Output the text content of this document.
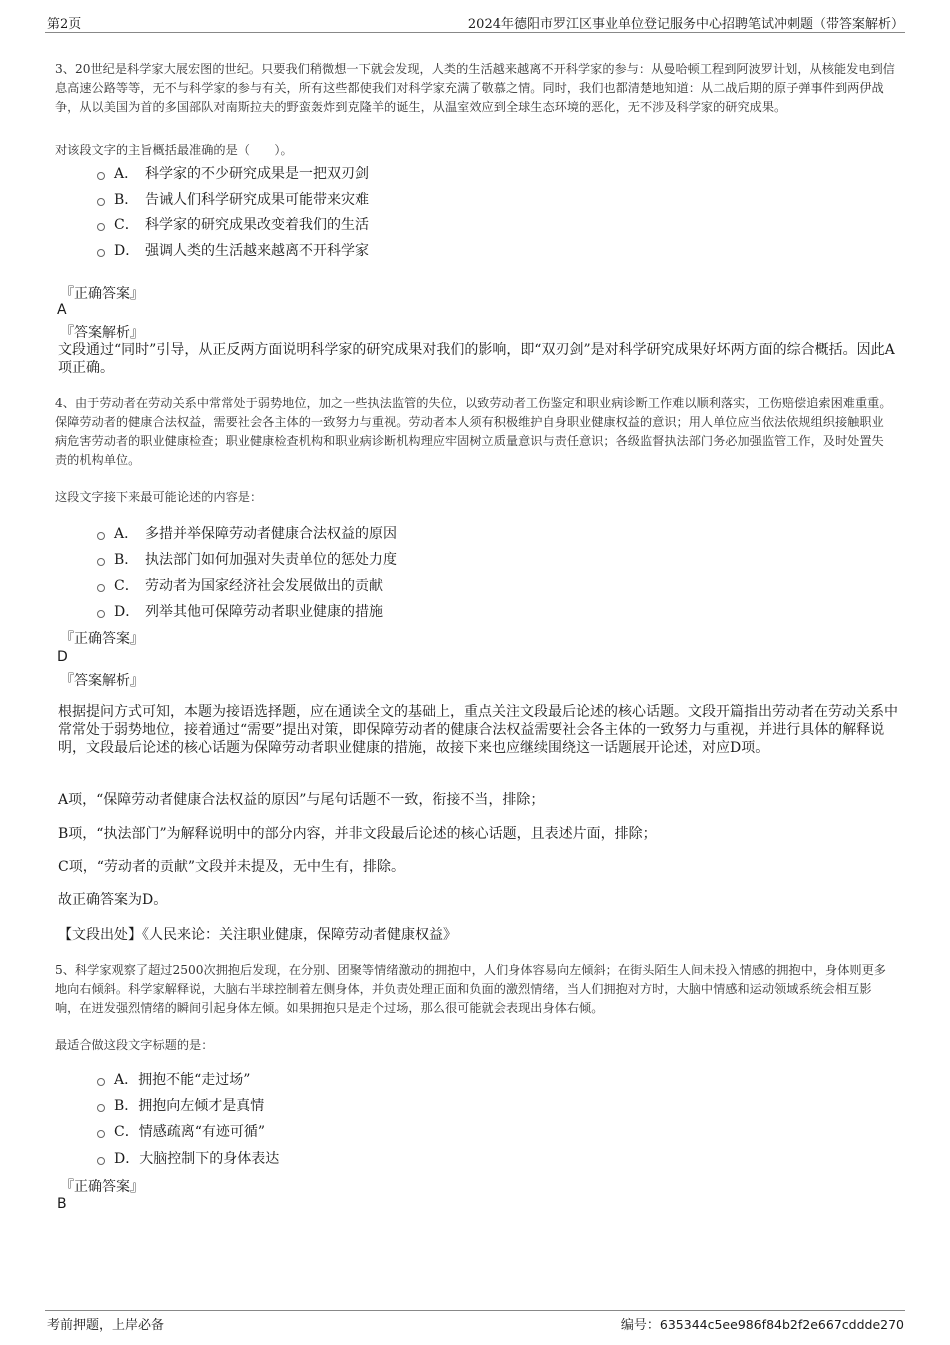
第2页	2024年德阳市罗江区事业单位登记服务中心招聘笔试冲刺题（带答案解析）

3、20世纪是科学家大展宏图的世纪。只要我们稍微想一下就会发现，人类的生活越来越离不开科学家的参与：从曼哈顿工程到阿波罗计划，从核能发电到信息高速公路等等，无不与科学家的参与有关，所有这些都使我们对科学家充满了敬慕之情。同时，我们也都清楚地知道：从二战后期的原子弹事件到两伊战争，从以美国为首的多国部队对南斯拉夫的野蛮轰炸到克隆羊的诞生，从温室效应到全球生态环境的恶化，无不涉及科学家的研究成果。

对该段文字的主旨概括最准确的是（　　）。
A． 科学家的不少研究成果是一把双刃剑
B． 告诫人们科学研究成果可能带来灾难
C． 科学家的研究成果改变着我们的生活
D． 强调人类的生活越来越离不开科学家
『正确答案』
A
『答案解析』

文段通过“同时”引导，从正反两方面说明科学家的研究成果对我们的影响，即“双刃剑”是对科学研究成果好坏两方面的综合概括。因此A项正确。

4、由于劳动者在劳动关系中常常处于弱势地位，加之一些执法监管的失位，以致劳动者工伤鉴定和职业病诊断工作难以顺利落实，工伤赔偿追索困难重重。保障劳动者的健康合法权益，需要社会各主体的一致努力与重视。劳动者本人须有积极维护自身职业健康权益的意识；用人单位应当依法依规组织接触职业病危害劳动者的职业健康检查；职业健康检查机构和职业病诊断机构理应牢固树立质量意识与责任意识；各级监督执法部门务必加强监管工作，及时处置失责的机构单位。

这段文字接下来最可能论述的内容是：
A． 多措并举保障劳动者健康合法权益的原因
B． 执法部门如何加强对失责单位的惩处力度
C． 劳动者为国家经济社会发展做出的贡献
D． 列举其他可保障劳动者职业健康的措施
『正确答案』
D
『答案解析』

根据提问方式可知，本题为接语选择题，应在通读全文的基础上，重点关注文段最后论述的核心话题。文段开篇指出劳动者在劳动关系中常常处于弱势地位，接着通过“需要”提出对策，即保障劳动者的健康合法权益需要社会各主体的一致努力与重视，并进行具体的解释说明，文段最后论述的核心话题为保障劳动者职业健康的措施，故接下来也应继续围绕这一话题展开论述，对应D项。

A项，“保障劳动者健康合法权益的原因”与尾句话题不一致，衔接不当，排除；

B项，“执法部门”为解释说明中的部分内容，并非文段最后论述的核心话题，且表述片面，排除；

C项，“劳动者的贡献”文段并未提及，无中生有，排除。

故正确答案为D。

【文段出处】《人民来论：关注职业健康，保障劳动者健康权益》

5、科学家观察了超过2500次拥抱后发现，在分别、团聚等情绪激动的拥抱中，人们身体容易向左倾斜；在街头陌生人间未投入情感的拥抱中，身体则更多地向右倾斜。科学家解释说，大脑右半球控制着左侧身体，并负责处理正面和负面的激烈情绪，当人们拥抱对方时，大脑中情感和运动领域系统会相互影响，在迸发强烈情绪的瞬间引起身体左倾。如果拥抱只是走个过场，那么很可能就会表现出身体右倾。

最适合做这段文字标题的是：
A． 拥抱不能“走过场”
B． 拥抱向左倾才是真情
C． 情感疏离“有迹可循”
D． 大脑控制下的身体表达
『正确答案』
B
考前押题，上岸必备	编号：635344c5ee986f84b2f2e667cddde270
